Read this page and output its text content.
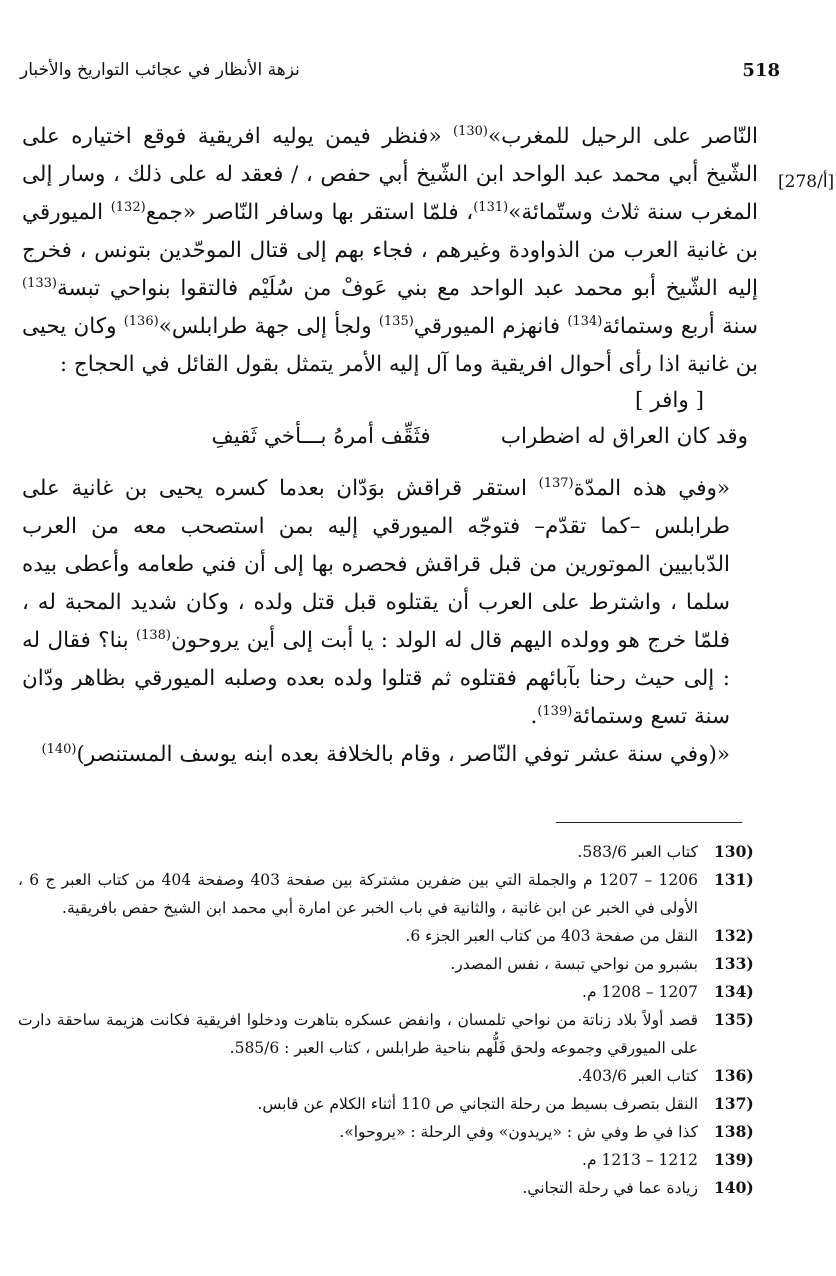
518
نزهة الأنظار في عجائب التواريخ والأخبار
[278/أ]

النّاصر على الرحيل للمغرب»$^{(130)}$ «فنظر فيمن يوليه افريقية فوقع اختياره على الشّيخ أبي محمد عبد الواحد ابن الشّيخ أبي حفص ، / فعقد له على ذلك ، وسار إلى المغرب سنة ثلاث وستّمائة»$^{(131)}$، فلمّا استقر بها وسافر النّاصر «جمع$^{(132)}$ الميورقي بن غانية العرب من الذواودة وغيرهم ، فجاء بهم إلى قتال الموحّدين بتونس ، فخرج إليه الشّيخ أبو محمد عبد الواحد مع بني عَوفْ من سُلَيْم فالتقوا بنواحي تبسة$^{(133)}$ سنة أربع وستمائة$^{(134)}$ فانهزم الميورقي$^{(135)}$ ولجأ إلى جهة طرابلس»$^{(136)}$ وكان يحيى بن غانية اذا رأى أحوال افريقية وما آل إليه الأمر يتمثل بقول القائل في الحجاج :

[ وافر ]

وقد كان العراق له اضطراب
فثَقِّف أمرهُ بـــأخي ثَقيفِ

«وفي هذه المدّة$^{(137)}$ استقر قراقش بوَدّان بعدما كسره يحيى بن غانية على طرابلس –كما تقدّم– فتوجّه الميورقي إليه بمن استصحب معه من العرب الدّبابيين الموتورين من قبل قراقش فحصره بها إلى أن فني طعامه وأعطى بيده سلما ، واشترط على العرب أن يقتلوه قبل قتل ولده ، وكان شديد المحبة له ، فلمّا خرج هو وولده اليهم قال له الولد : يا أبت إلى أين يروحون$^{(138)}$ بنا؟ فقال له : إلى حيث رحنا بآبائهم فقتلوه ثم قتلوا ولده بعده وصلبه الميورقي بظاهر ودّان سنة تسع وستمائة$^{(139)}$.

«(وفي سنة عشر توفي النّاصر ، وقام بالخلافة بعده ابنه يوسف المستنصر)$^{(140)}$

130)
كتاب العبر 583/6.
131)
1206 – 1207 م والجملة التي بين ضفرين مشتركة بين صفحة 403 وصفحة 404 من كتاب العبر ج 6 ، الأولى في الخبر عن ابن غانية ، والثانية في باب الخبر عن امارة أبي محمد ابن الشيخ حفص بافريقية.
132)
النقل من صفحة 403 من كتاب العبر الجزء 6.
133)
بشبرو من نواحي تبسة ، نفس المصدر.
134)
1207 – 1208 م.
135)
قصد أولاً بلاد زناتة من نواحي تلمسان ، وانفض عسكره بتاهرت ودخلوا افريقية فكانت هزيمة ساحقة دارت على الميورقي وجموعه ولحق فَلُّهم بناحية طرابلس ، كتاب العبر : 585/6.
136)
كتاب العبر 403/6.
137)
النقل بتصرف بسيط من رحلة التجاني ص 110 أثناء الكلام عن قابس.
138)
كذا في ط وفي ش : «يريدون» وفي الرحلة : «يروحوا».
139)
1212 – 1213 م.
140)
زيادة عما في رحلة التجاني.
